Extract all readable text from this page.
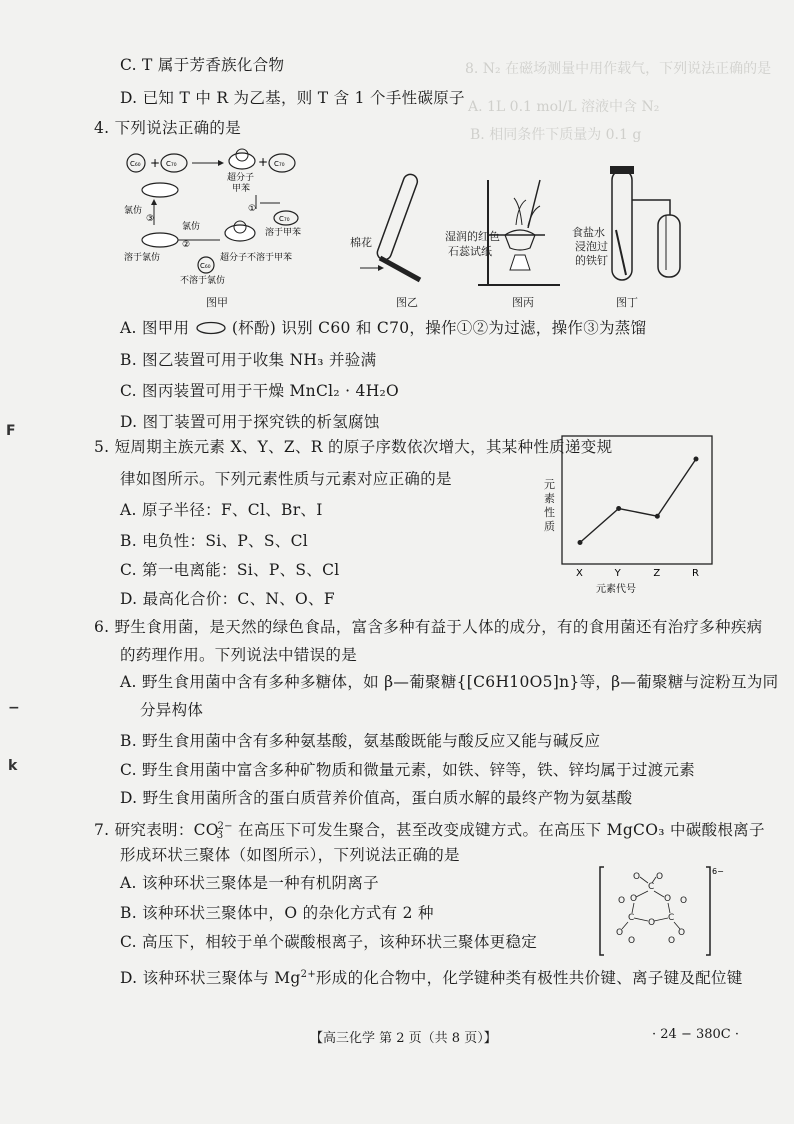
8. N₂ 在磁场测量中用作载气，下列说法正确的是
A. 1L 0.1 mol/L 溶液中含 N₂
B. 相同条件下质量为 0.1 g
C. T 属于芳香族化合物
D. 已知 T 中 R 为乙基，则 T 含 1 个手性碳原子
4. 下列说法正确的是
C₆₀ + C₇₀	+ C₇₀
超分子
甲苯
氯仿
③
①
C₇₀
溶于甲苯
氯仿
②
溶于氯仿	超分子不溶于甲苯
C₆₀
不溶于氯仿
图甲
棉花
图乙
湿润的红色
石蕊试纸
图丙
食盐水
浸泡过
的铁钉
图丁
A. 图甲用	(杯酚) 识别 C60 和 C70，操作①②为过滤，操作③为蒸馏
B. 图乙装置可用于收集 NH₃ 并验满
C. 图丙装置可用于干燥 MnCl₂ · 4H₂O
D. 图丁装置可用于探究铁的析氢腐蚀
F
5. 短周期主族元素 X、Y、Z、R 的原子序数依次增大，其某种性质递变规
律如图所示。下列元素性质与元素对应正确的是
A. 原子半径：F、Cl、Br、I
B. 电负性：Si、P、S、Cl
C. 第一电离能：Si、P、S、Cl
D. 最高化合价：C、N、O、F
X	Y	Z	R
元素代号
元素性质
6. 野生食用菌，是天然的绿色食品，富含多种有益于人体的成分，有的食用菌还有治疗多种疾病
的药理作用。下列说法中错误的是
A. 野生食用菌中含有多种多糖体，如 β—葡聚糖{[C6H10O5]n}等，β—葡聚糖与淀粉互为同
分异构体
−
B. 野生食用菌中含有多种氨基酸，氨基酸既能与酸反应又能与碱反应
k	C. 野生食用菌中富含多种矿物质和微量元素，如铁、锌等，铁、锌均属于过渡元素
D. 野生食用菌所含的蛋白质营养价值高，蛋白质水解的最终产物为氨基酸
7. 研究表明：$CO_3^{2-}$ 在高压下可发生聚合，甚至改变成键方式。在高压下 MgCO₃ 中碳酸根离子
形成环状三聚体（如图所示），下列说法正确的是
A. 该种环状三聚体是一种有机阴离子
B. 该种环状三聚体中，O 的杂化方式有 2 种
C. 高压下，相较于单个碳酸根离子，该种环状三聚体更稳定
D. 该种环状三聚体与 $Mg^{2+}$形成的化合物中，化学键种类有极性共价键、离子键及配位键
6−
O O
C
O	O
O	O
C	C
O
O	O
O	O
【高三化学 第 2 页（共 8 页）】	· 24 − 380C ·
